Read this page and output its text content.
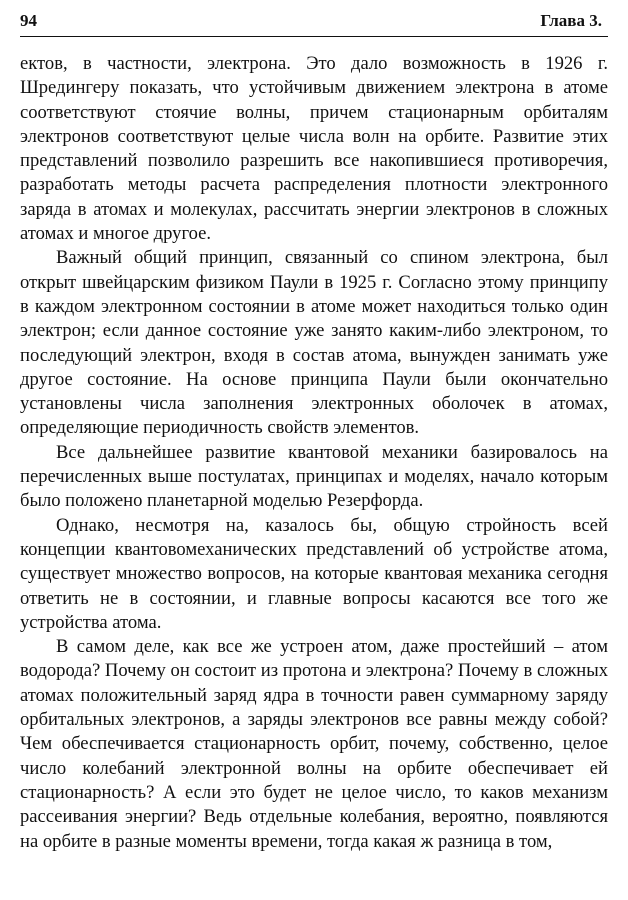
94	Глава 3.

ектов, в частности, электрона. Это дало возможность в 1926 г. Шредингеру показать, что устойчивым движением электрона в атоме соответствуют стоячие волны, причем стационарным орбиталям электронов соответствуют целые числа волн на орбите. Развитие этих представлений позволило разрешить все накопившиеся противоречия, разработать методы расчета распределения плотности электронного заряда в атомах и молекулах, рассчитать энергии электронов в сложных атомах и многое другое.

Важный общий принцип, связанный со спином электрона, был открыт швейцарским физиком Паули в 1925 г. Согласно этому принципу в каждом электронном состоянии в атоме может находиться только один электрон; если данное состояние уже занято каким-либо электроном, то последующий электрон, входя в состав атома, вынужден занимать уже другое состояние. На основе принципа Паули были окончательно установлены числа заполнения электронных оболочек в атомах, определяющие периодичность свойств элементов.

Все дальнейшее развитие квантовой механики базировалось на перечисленных выше постулатах, принципах и моделях, начало которым было положено планетарной моделью Резерфорда.

Однако, несмотря на, казалось бы, общую стройность всей концепции квантовомеханических представлений об устройстве атома, существует множество вопросов, на которые квантовая механика сегодня ответить не в состоянии, и главные вопросы касаются все того же устройства атома.

В самом деле, как все же устроен атом, даже простейший – атом водорода? Почему он состоит из протона и электрона? Почему в сложных атомах положительный заряд ядра в точности равен суммарному заряду орбитальных электронов, а заряды электронов все равны между собой? Чем обеспечивается стационарность орбит, почему, собственно, целое число колебаний электронной волны на орбите обеспечивает ей стационарность? А если это будет не целое число, то каков механизм рассеивания энергии? Ведь отдельные колебания, вероятно, появляются на орбите в разные моменты времени, тогда какая ж разница в том,
